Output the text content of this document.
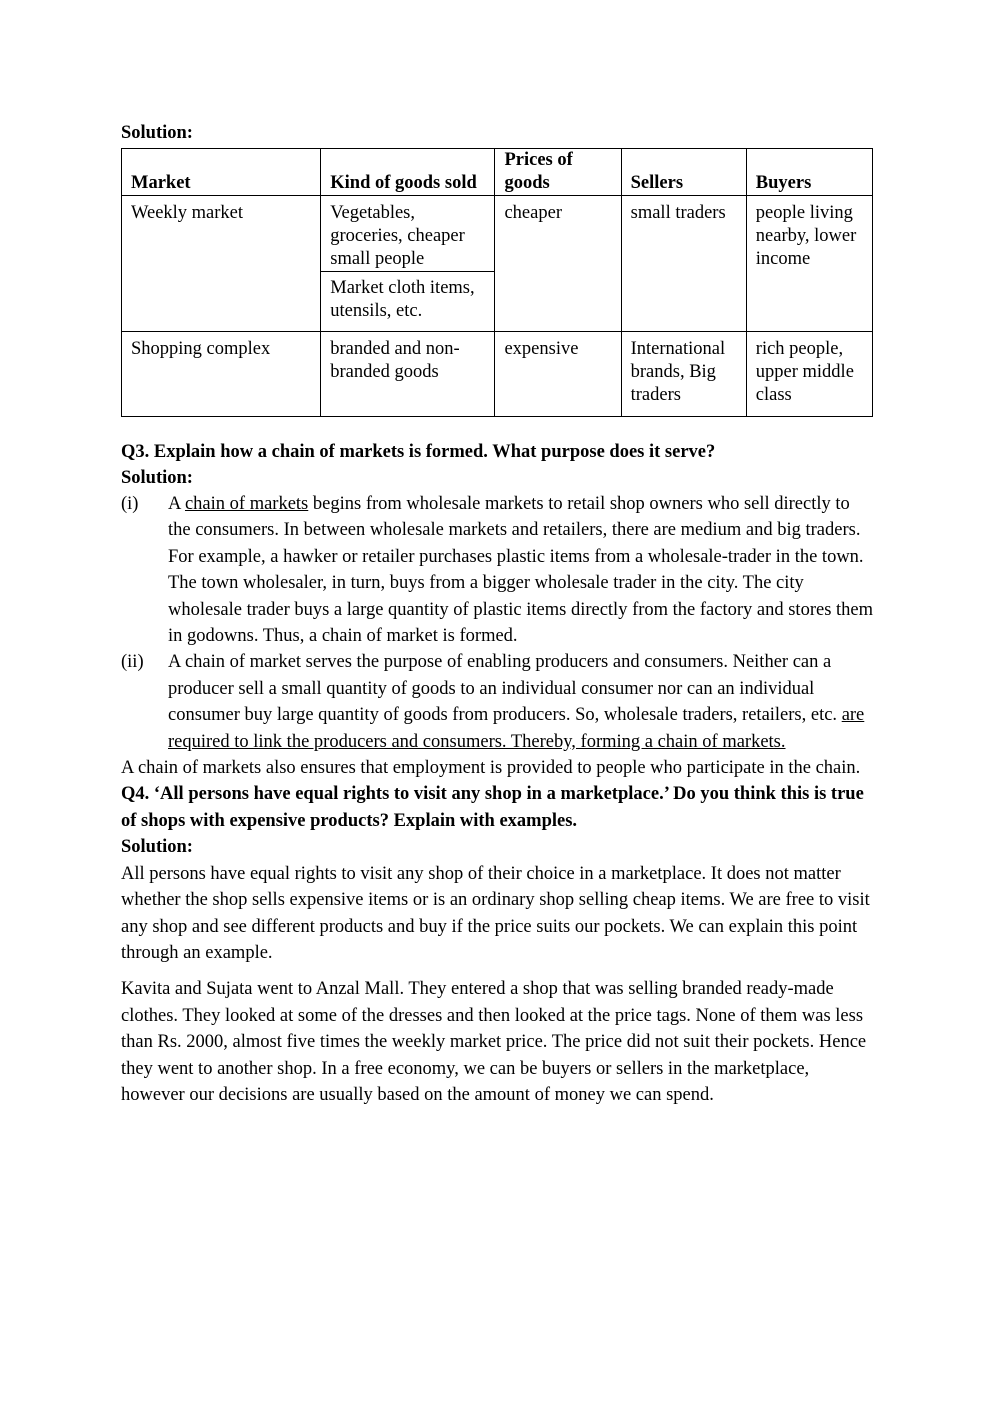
Solution:
Market	Kind of goods sold	Prices of goods	Sellers	Buyers
Weekly market	Vegetables, groceries, cheaper small people	cheaper	small traders	people living nearby, lower income
	Market cloth items, utensils, etc.			
Shopping complex	branded and non-branded goods	expensive	International brands, Big traders	rich people, upper middle class
Q3. Explain how a chain of markets is formed. What purpose does it serve?
Solution:
(i) A chain of markets begins from wholesale markets to retail shop owners who sell directly to the consumers. In between wholesale markets and retailers, there are medium and big traders. For example, a hawker or retailer purchases plastic items from a wholesale-trader in the town. The town wholesaler, in turn, buys from a bigger wholesale trader in the city. The city wholesale trader buys a large quantity of plastic items directly from the factory and stores them in godowns. Thus, a chain of market is formed.
(ii) A chain of market serves the purpose of enabling producers and consumers. Neither can a producer sell a small quantity of goods to an individual consumer nor can an individual consumer buy large quantity of goods from producers. So, wholesale traders, retailers, etc. are required to link the producers and consumers. Thereby, forming a chain of markets.
A chain of markets also ensures that employment is provided to people who participate in the chain.
Q4. ‘All persons have equal rights to visit any shop in a marketplace.’ Do you think this is true of shops with expensive products? Explain with examples.
Solution:
All persons have equal rights to visit any shop of their choice in a marketplace. It does not matter whether the shop sells expensive items or is an ordinary shop selling cheap items. We are free to visit any shop and see different products and buy if the price suits our pockets. We can explain this point through an example.
Kavita and Sujata went to Anzal Mall. They entered a shop that was selling branded ready-made clothes. They looked at some of the dresses and then looked at the price tags. None of them was less than Rs. 2000, almost five times the weekly market price. The price did not suit their pockets. Hence they went to another shop. In a free economy, we can be buyers or sellers in the marketplace, however our decisions are usually based on the amount of money we can spend.
